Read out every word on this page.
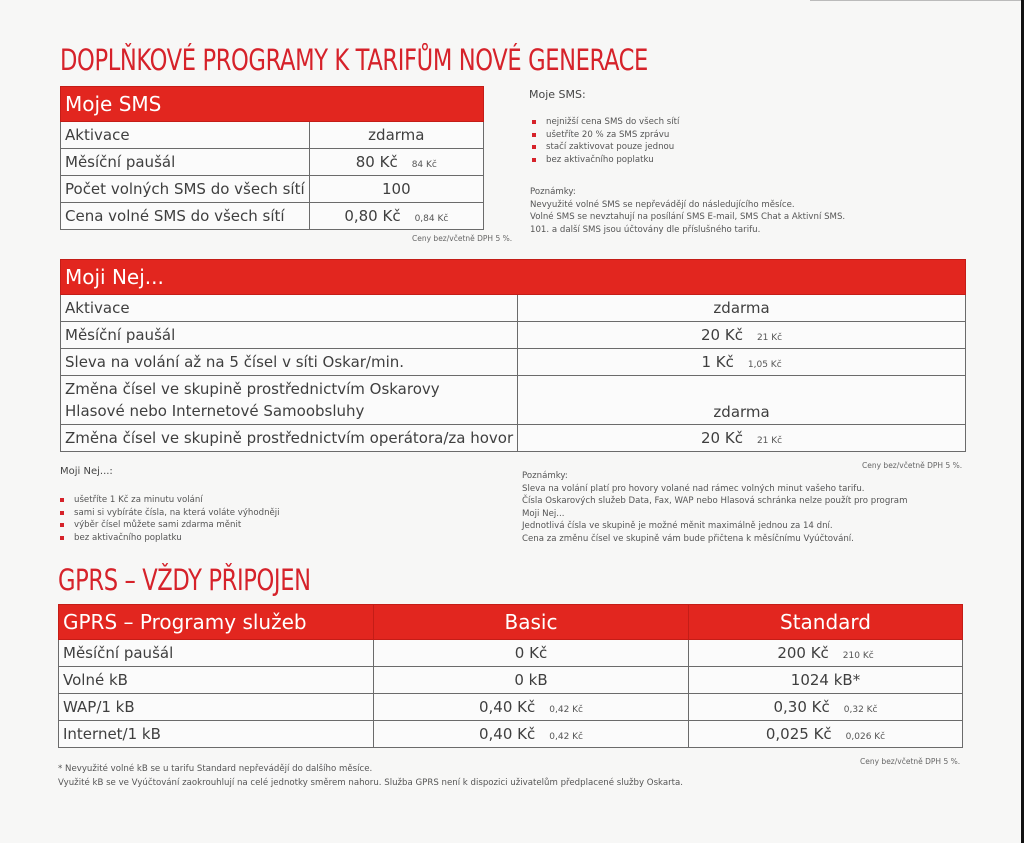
DOPLŇKOVÉ PROGRAMY K TARIFŮM NOVÉ GENERACE
Moje SMS	
Aktivace	zdarma
Měsíční paušál	80 Kč 84 Kč
Počet volných SMS do všech sítí	100
Cena volné SMS do všech sítí	0,80 Kč 0,84 Kč
Ceny bez/včetně DPH 5 %.
Moje SMS:
nejnižší cena SMS do všech sítí
ušetříte 20 % za SMS zprávu
stačí zaktivovat pouze jednou
bez aktivačního poplatku
Poznámky:
Nevyužité volné SMS se nepřevádějí do následujícího měsíce.
Volné SMS se nevztahují na posílání SMS E-mail, SMS Chat a Aktivní SMS.
101. a další SMS jsou účtovány dle příslušného tarifu.
Moji Nej...	
Aktivace	zdarma
Měsíční paušál	20 Kč 21 Kč
Sleva na volání až na 5 čísel v síti Oskar/min.	1 Kč 1,05 Kč

Změna čísel ve skupině prostřednictvím Oskarovy
Hlasové nebo Internetové Samoobsluhy	zdarma
Změna čísel ve skupině prostřednictvím operátora/za hovor	20 Kč 21 Kč
Ceny bez/včetně DPH 5 %.
Moji Nej...:
ušetříte 1 Kč za minutu volání
sami si vybíráte čísla, na která voláte výhodněji
výběr čísel můžete sami zdarma měnit
bez aktivačního poplatku
Poznámky:
Sleva na volání platí pro hovory volané nad rámec volných minut vašeho tarifu.
Čísla Oskarových služeb Data, Fax, WAP nebo Hlasová schránka nelze použít pro program
Moji Nej...
Jednotlivá čísla ve skupině je možné měnit maximálně jednou za 14 dní.
Cena za změnu čísel ve skupině vám bude přičtena k měsíčnímu Vyúčtování.
GPRS – VŽDY PŘIPOJEN
GPRS – Programy služeb	Basic	Standard
Měsíční paušál	0 Kč	200 Kč 210 Kč
Volné kB	0 kB	1024 kB*
WAP/1 kB	0,40 Kč 0,42 Kč	0,30 Kč 0,32 Kč
Internet/1 kB	0,40 Kč 0,42 Kč	0,025 Kč 0,026 Kč
Ceny bez/včetně DPH 5 %.
* Nevyužité volné kB se u tarifu Standard nepřevádějí do dalšího měsíce.
Využité kB se ve Vyúčtování zaokrouhlují na celé jednotky směrem nahoru. Služba GPRS není k dispozici uživatelům předplacené služby Oskarta.
